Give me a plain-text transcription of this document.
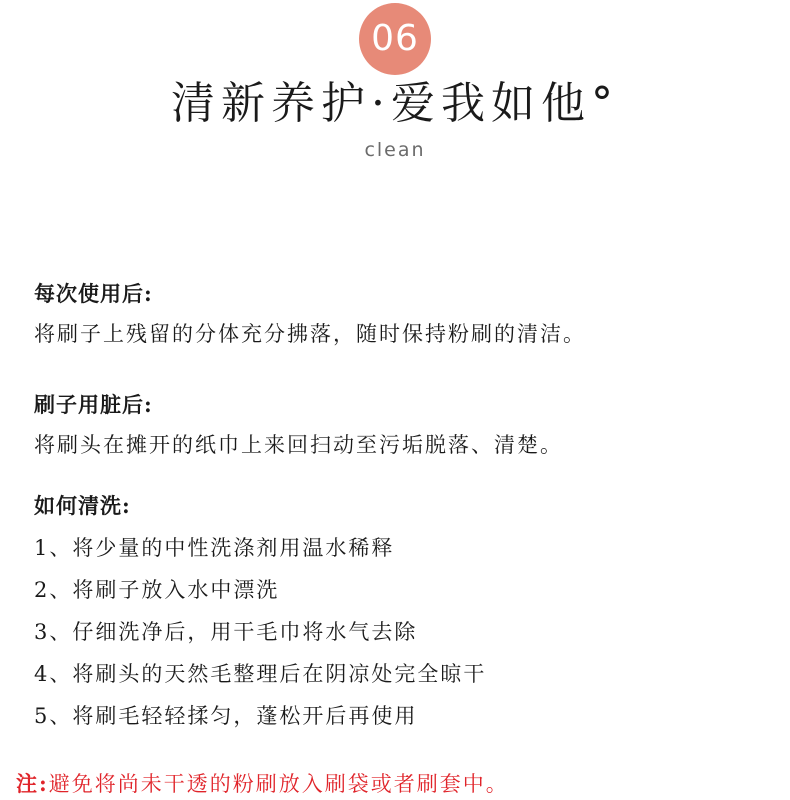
06
清新养护·爱我如他°
clean
每次使用后:
将刷子上残留的分体充分拂落，随时保持粉刷的清洁。
刷子用脏后:
将刷头在摊开的纸巾上来回扫动至污垢脱落、清楚。
如何清洗:
1、将少量的中性洗涤剂用温水稀释
2、将刷子放入水中漂洗
3、仔细洗净后，用干毛巾将水气去除
4、将刷头的天然毛整理后在阴凉处完全晾干
5、将刷毛轻轻揉匀，蓬松开后再使用
注:避免将尚未干透的粉刷放入刷袋或者刷套中。
